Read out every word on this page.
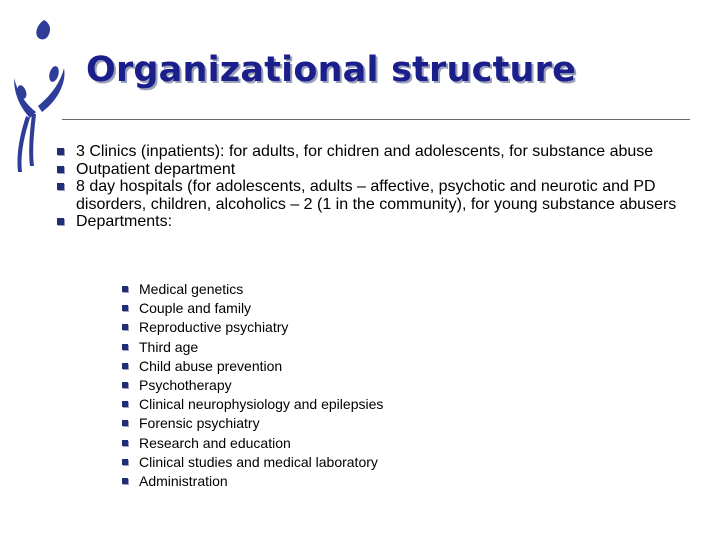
Organizational structure
3 Clinics (inpatients): for adults, for chidren and adolescents, for substance abuse
Outpatient department
8 day hospitals (for adolescents, adults – affective, psychotic and neurotic and PD disorders, children, alcoholics – 2 (1 in the community), for young substance abusers
Departments:
Medical genetics
Couple and family
Reproductive psychiatry
Third age
Child abuse prevention
Psychotherapy
Clinical neurophysiology and epilepsies
Forensic psychiatry
Research and education
Clinical studies and medical laboratory
Administration
